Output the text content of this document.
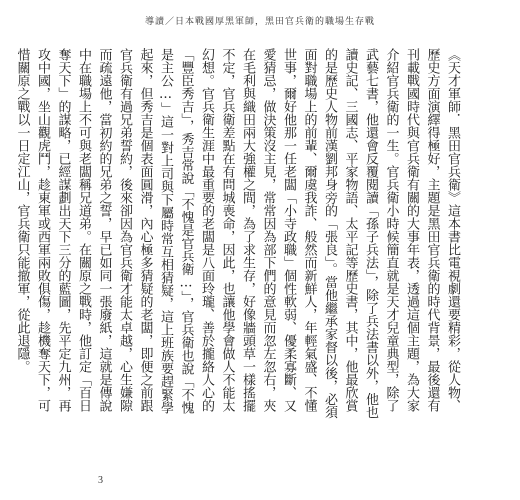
導讀／日本戰國厚黑軍師，黑田官兵衛的職場生存戰

《天才軍師．黑田官兵衛》這本書比電視劇還要精彩，從人物、歷史方面演繹得極好，主題是黑田官兵衛的時代背景，最後還有刊載戰國時代與官兵衛有關的大事年表，透過這個主題，為大家介紹官兵衛的一生。官兵衛小時候簡直就是天才兒童典型，除了武藝七書，他還會反覆閱讀「孫子兵法」，除了兵法書以外，他也讀史記、三國志、平家物語、太平記等歷史書，其中，他最欣賞的是歷史人物前漢劉邦身旁的「張良」。當他繼承家督以後，必須面對職場上的前輩、爾虞我詐、般然而新鮮人，年輕氣盛、不懂世事，爾好他那一任老闆「小寺政職」個性軟弱、優柔寡斷、又愛猜忌，做決策沒主見，常常因為部下們的意見而忽左忽右，夾在毛利與織田兩大強權之間，為了求生存，好像牆頭草一樣搖擺不定，官兵衛差點在有問城喪命，因此，也讓他學會做人不能太幻想。官兵衛生涯中最重要的老闆是八面玲瓏、善於攏絡人心的「豐臣秀吉」，秀吉常說「不愧是官兵衛…」，官兵衛也說「不愧是主公…」這一對上司與下屬時常互相猜疑，這上班族要趕緊學起來，但秀吉是個表面圓滑，內心極多猜疑的老闆，即便之前跟官兵衛有過兄弟誓約，後來卻因為官兵衛才能太卓越，心生嫌隙而疏遠他，當初約的兄弟之誓，早已如同一張廢紙，這就是傳說中在職場上不可與老闆稱兄道弟。在關原之戰時，他訂定「百日奪天下」的謀略，已經謀劃出天下三分的藍圖，先平定九州，再攻中國，坐山觀虎鬥，趁東軍或西軍兩敗俱傷，趁機奪天下，可惜關原之戰以一日定江山，官兵衛只能撤軍，從此退隱。

3
